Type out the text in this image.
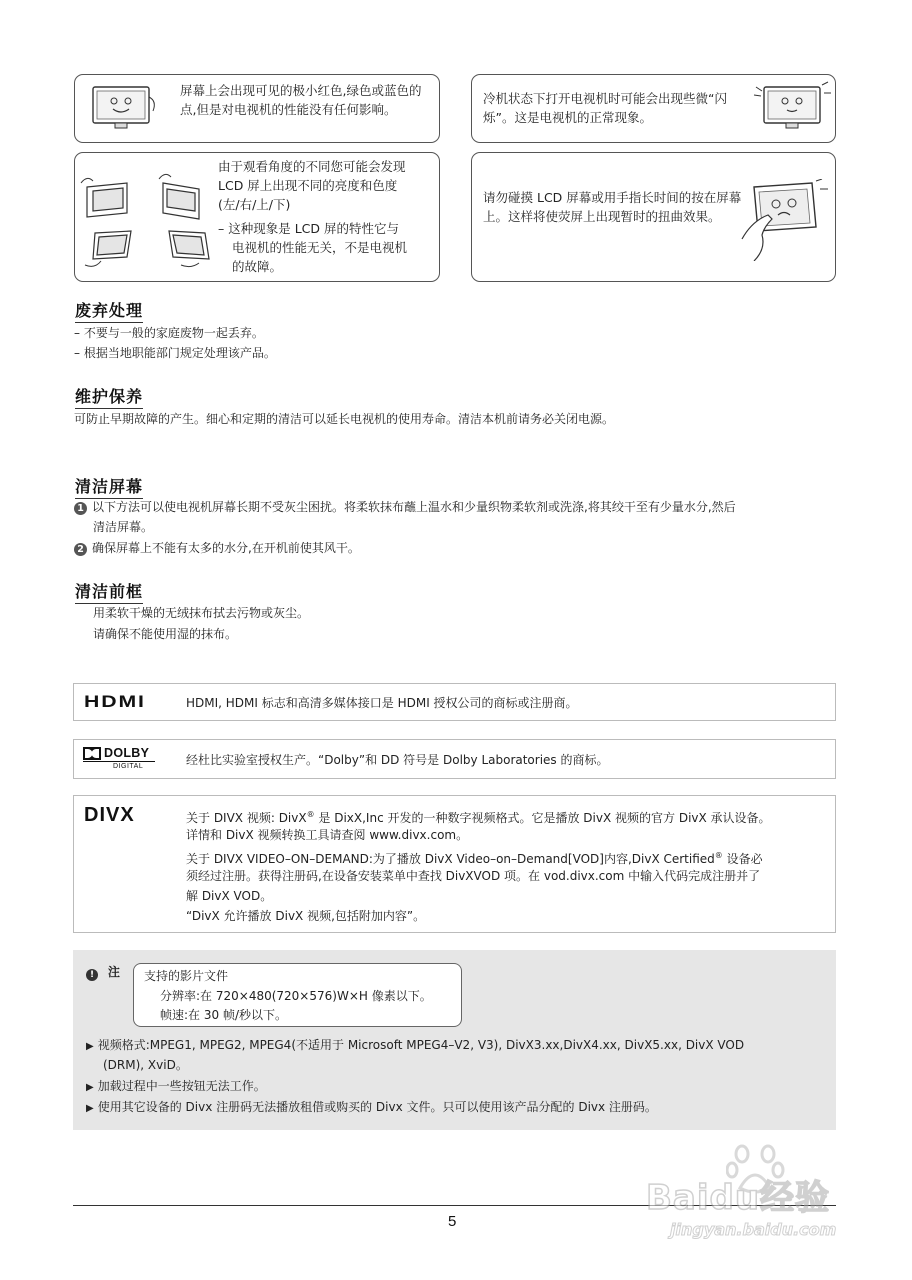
屏幕上会出现可见的极小红色,绿色或蓝色的点,但是对电视机的性能没有任何影响。
冷机状态下打开电视机时可能会出现些微“闪烁”。这是电视机的正常现象。
由于观看角度的不同您可能会发现
LCD 屏上出现不同的亮度和色度
(左/右/上/下)
– 这种现象是 LCD 屏的特性它与
电视机的性能无关，不是电视机
的故障。
请勿碰摸 LCD 屏幕或用手指长时间的按在屏幕上。这样将使荧屏上出现暂时的扭曲效果。
废弃处理
– 不要与一般的家庭废物一起丢弃。
– 根据当地职能部门规定处理该产品。
维护保养
可防止早期故障的产生。细心和定期的清洁可以延长电视机的使用寿命。清洁本机前请务必关闭电源。
清洁屏幕
1 以下方法可以使电视机屏幕长期不受灰尘困扰。将柔软抹布蘸上温水和少量织物柔软剂或洗涤,将其绞干至有少量水分,然后
清洁屏幕。
2 确保屏幕上不能有太多的水分,在开机前使其风干。
清洁前框
用柔软干燥的无绒抹布拭去污物或灰尘。
请确保不能使用湿的抹布。
HDMI	HDMI, HDMI 标志和高清多媒体接口是 HDMI 授权公司的商标或注册商。
DOLBY
DIGITAL	经杜比实验室授权生产。“Dolby”和 DD 符号是 Dolby Laboratories 的商标。
DIVX	关于 DIVX 视频: DivX® 是 DixX,Inc 开发的一种数字视频格式。它是播放 DivX 视频的官方 DivX 承认设备。
详情和 DivX 视频转换工具请查阅 www.divx.com。
关于 DIVX VIDEO–ON–DEMAND:为了播放 DivX Video–on–Demand[VOD]内容,DivX Certified® 设备必
须经过注册。获得注册码,在设备安装菜单中查找 DivXVOD 项。在 vod.divx.com 中输入代码完成注册并了
解 DivX VOD。
“DivX 允许播放 DivX 视频,包括附加内容”。
! 注 支持的影片文件
分辨率:在 720×480(720×576)W×H 像素以下。
帧速:在 30 帧/秒以下。
▶ 视频格式:MPEG1, MPEG2, MPEG4(不适用于 Microsoft MPEG4–V2, V3), DivX3.xx,DivX4.xx, DivX5.xx, DivX VOD
(DRM), XviD。
▶ 加载过程中一些按钮无法工作。
▶ 使用其它设备的 Divx 注册码无法播放租借或购买的 Divx 文件。只可以使用该产品分配的 Divx 注册码。
5
Baidu经验
jingyan.baidu.com
